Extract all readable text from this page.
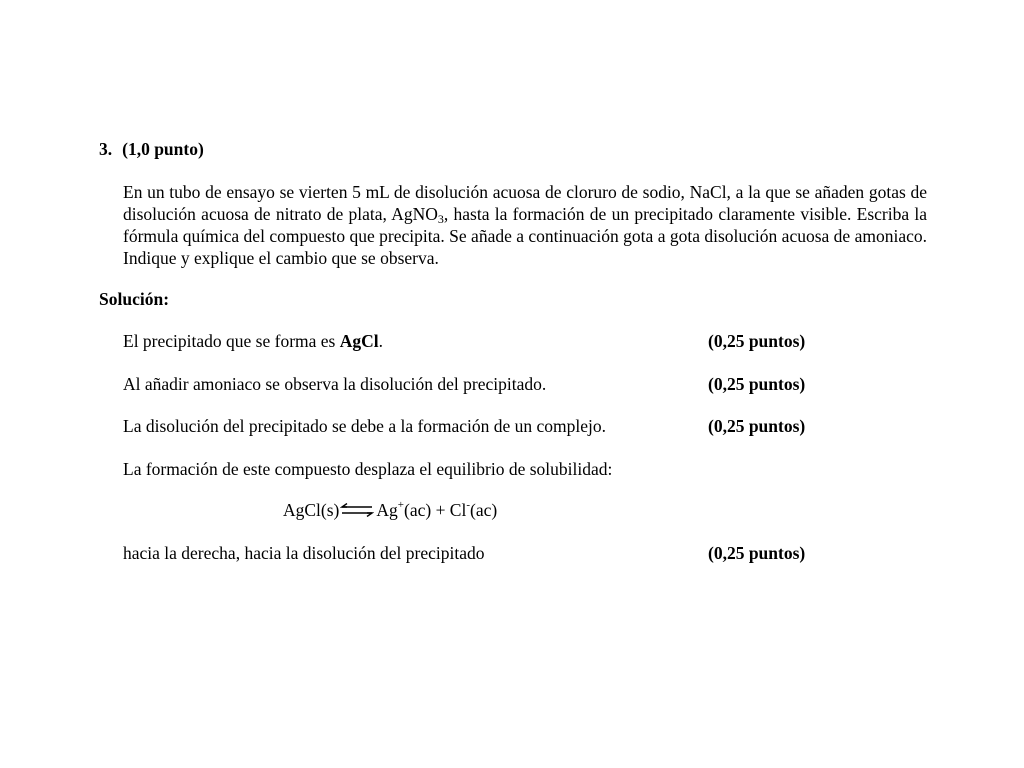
3. (1,0 punto)

En un tubo de ensayo se vierten 5 mL de disolución acuosa de cloruro de sodio, NaCl, a la que se añaden gotas de disolución acuosa de nitrato de plata, AgNO$_3$, hasta la formación de un precipitado claramente visible. Escriba la fórmula química del compuesto que precipita. Se añade a continuación gota a gota disolución acuosa de amoniaco. Indique y explique el cambio que se observa.

Solución:
El precipitado que se forma es AgCl.	(0,25 puntos)
Al añadir amoniaco se observa la disolución del precipitado.	(0,25 puntos)
La disolución del precipitado se debe a la formación de un complejo.	(0,25 puntos)
La formación de este compuesto desplaza el equilibrio de solubilidad:
AgCl(s)⇌ Ag+(ac) + Cl-(ac)
hacia la derecha, hacia la disolución del precipitado	(0,25 puntos)
